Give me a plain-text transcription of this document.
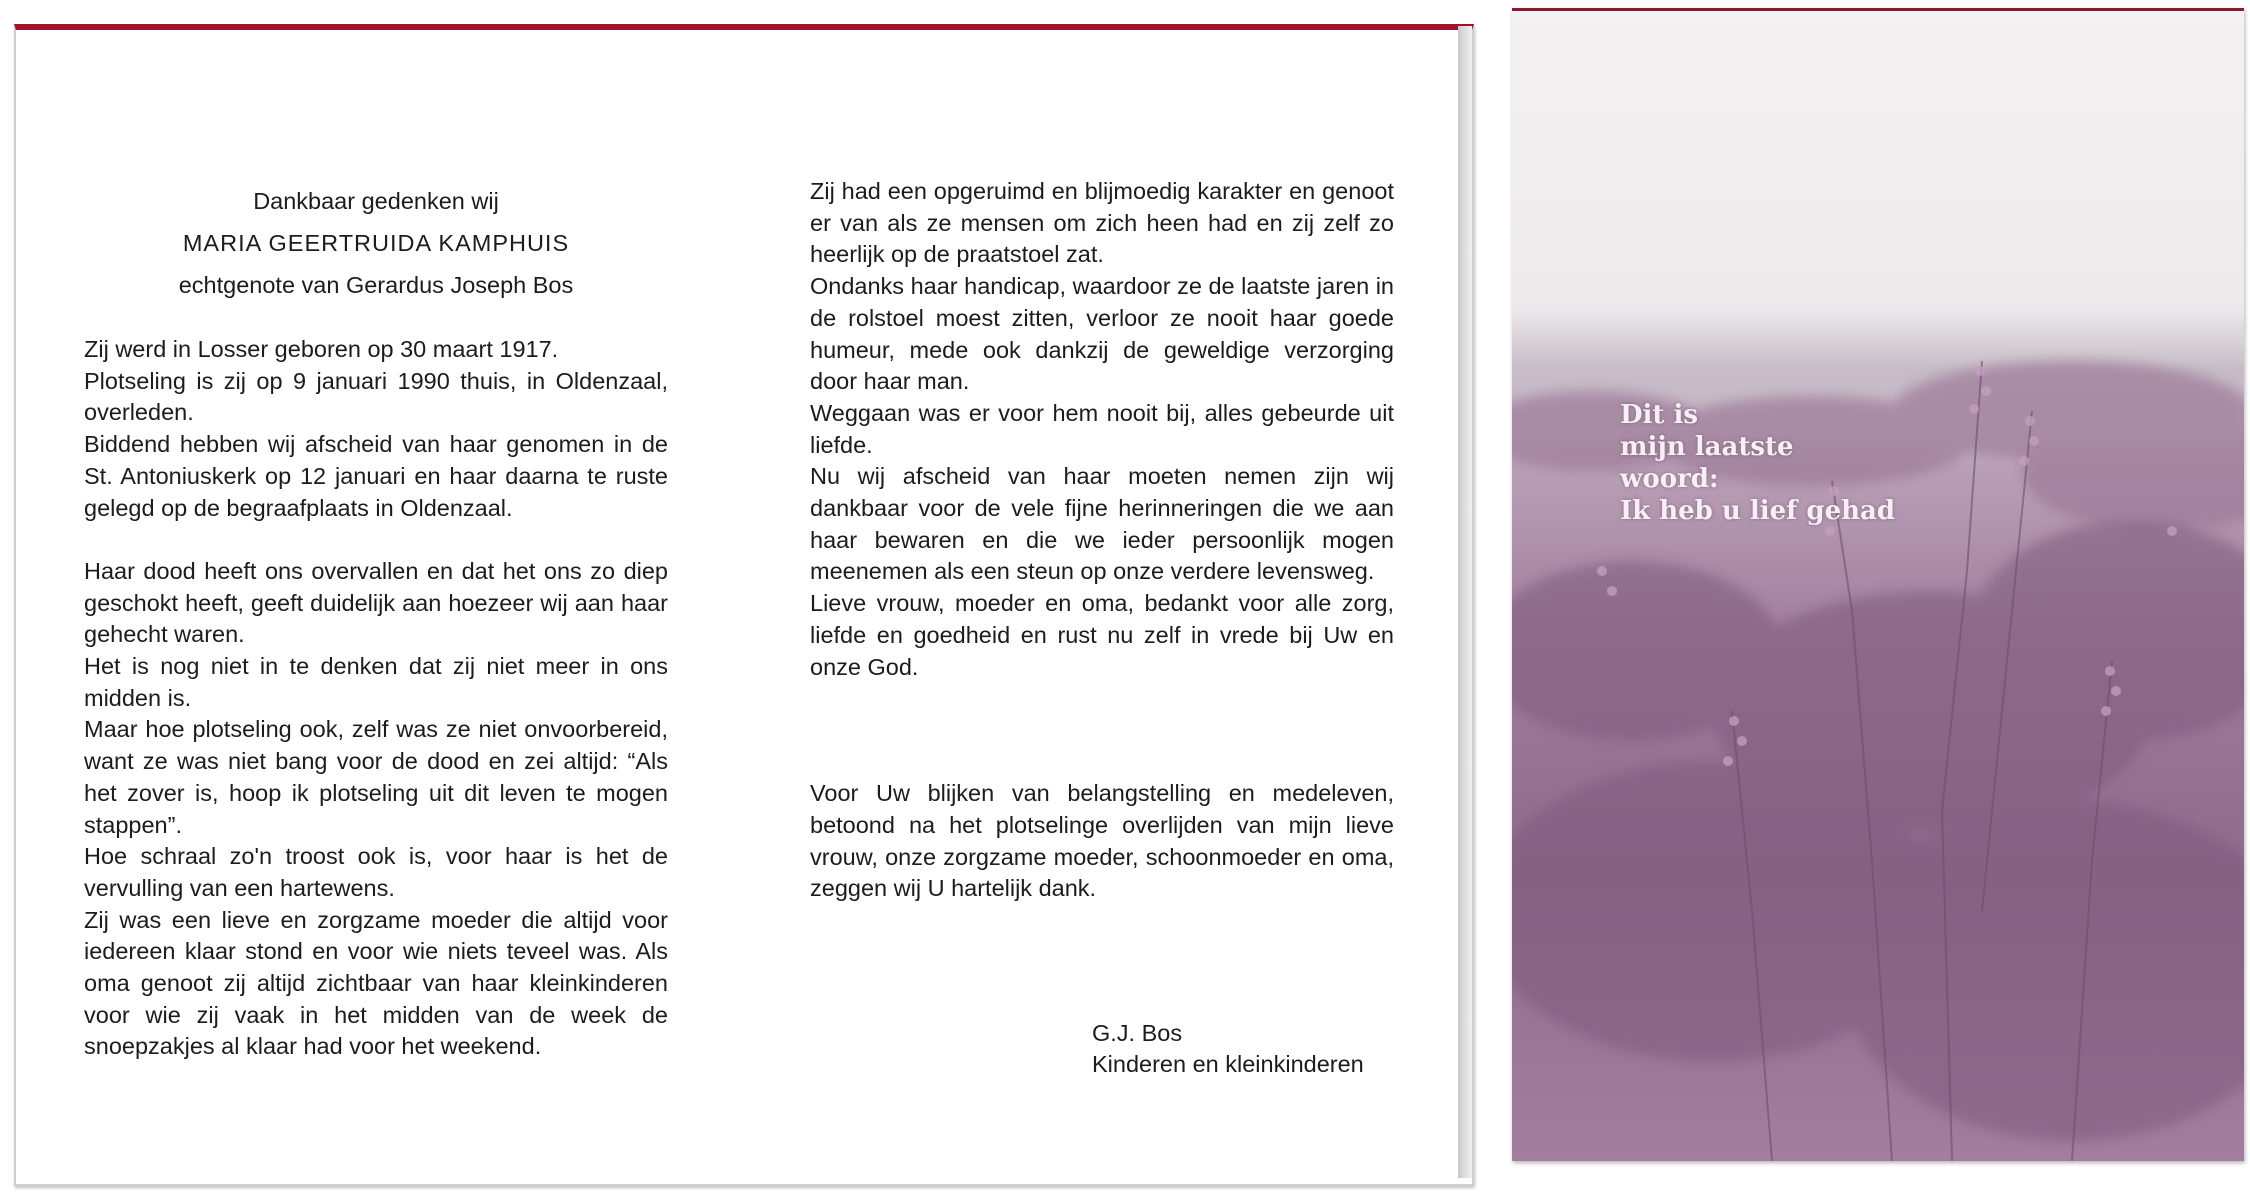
Dankbaar gedenken wij
MARIA GEERTRUIDA KAMPHUIS
echtgenote van Gerardus Joseph Bos

Zij werd in Losser geboren op 30 maart 1917.

Plotseling is zij op 9 januari 1990 thuis, in Oldenzaal, overleden.

Biddend hebben wij afscheid van haar genomen in de St. Antoniuskerk op 12 januari en haar daarna te ruste gelegd op de begraafplaats in Oldenzaal.

Haar dood heeft ons overvallen en dat het ons zo diep geschokt heeft, geeft duidelijk aan hoezeer wij aan haar gehecht waren.

Het is nog niet in te denken dat zij niet meer in ons midden is.

Maar hoe plotseling ook, zelf was ze niet onvoorbereid, want ze was niet bang voor de dood en zei altijd: “Als het zover is, hoop ik plotseling uit dit leven te mogen stappen”.

Hoe schraal zo'n troost ook is, voor haar is het de vervulling van een hartewens.

Zij was een lieve en zorgzame moeder die altijd voor iedereen klaar stond en voor wie niets teveel was. Als oma genoot zij altijd zichtbaar van haar kleinkinderen voor wie zij vaak in het midden van de week de snoepzakjes al klaar had voor het weekend.

Zij had een opgeruimd en blijmoedig karakter en genoot er van als ze mensen om zich heen had en zij zelf zo heerlijk op de praatstoel zat.

Ondanks haar handicap, waardoor ze de laatste jaren in de rolstoel moest zitten, verloor ze nooit haar goede humeur, mede ook dankzij de geweldige verzorging door haar man.

Weggaan was er voor hem nooit bij, alles gebeurde uit liefde.

Nu wij afscheid van haar moeten nemen zijn wij dankbaar voor de vele fijne herinneringen die we aan haar bewaren en die we ieder persoonlijk mogen meenemen als een steun op onze verdere levensweg.

Lieve vrouw, moeder en oma, bedankt voor alle zorg, liefde en goedheid en rust nu zelf in vrede bij Uw en onze God.

Voor Uw blijken van belangstelling en medeleven, betoond na het plotselinge overlijden van mijn lieve vrouw, onze zorgzame moeder, schoonmoeder en oma, zeggen wij U hartelijk dank.

G.J. Bos
Kinderen en kleinkinderen
Dit is
mijn laatste
woord:
Ik heb u lief gehad
